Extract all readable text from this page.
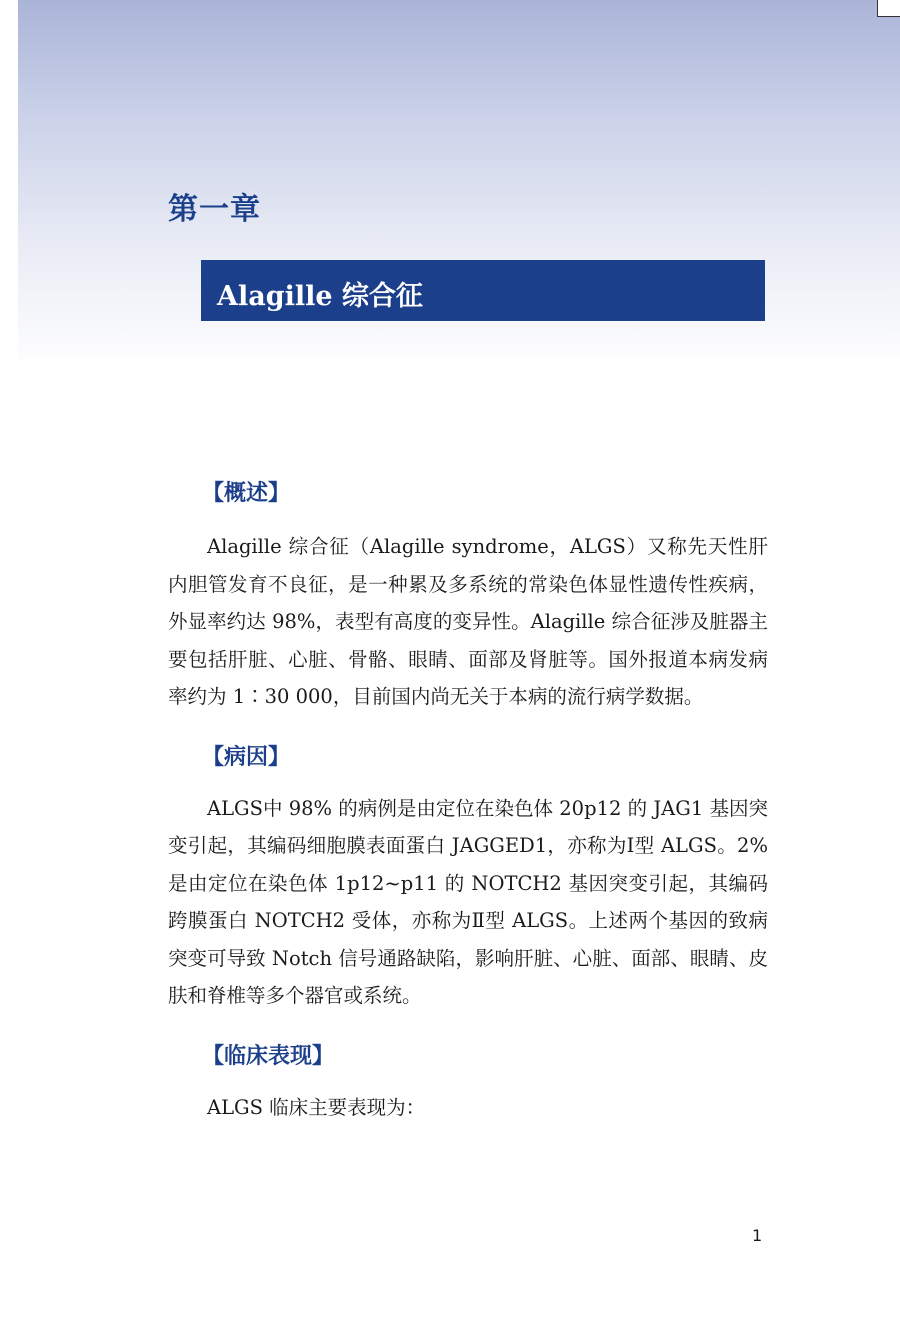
第一章
Alagille 综合征
【概述】

Alagille 综合征（Alagille syndrome，ALGS）又称先天性肝内胆管发育不良征，是一种累及多系统的常染色体显性遗传性疾病，外显率约达 98%，表型有高度的变异性。Alagille 综合征涉及脏器主要包括肝脏、心脏、骨骼、眼睛、面部及肾脏等。国外报道本病发病率约为 1∶30 000，目前国内尚无关于本病的流行病学数据。

【病因】

ALGS中 98% 的病例是由定位在染色体 20p12 的 JAG1 基因突变引起，其编码细胞膜表面蛋白 JAGGED1，亦称为Ⅰ型 ALGS。2% 是由定位在染色体 1p12~p11 的 NOTCH2 基因突变引起，其编码跨膜蛋白 NOTCH2 受体，亦称为Ⅱ型 ALGS。上述两个基因的致病突变可导致 Notch 信号通路缺陷，影响肝脏、心脏、面部、眼睛、皮肤和脊椎等多个器官或系统。

【临床表现】

ALGS 临床主要表现为：

1
